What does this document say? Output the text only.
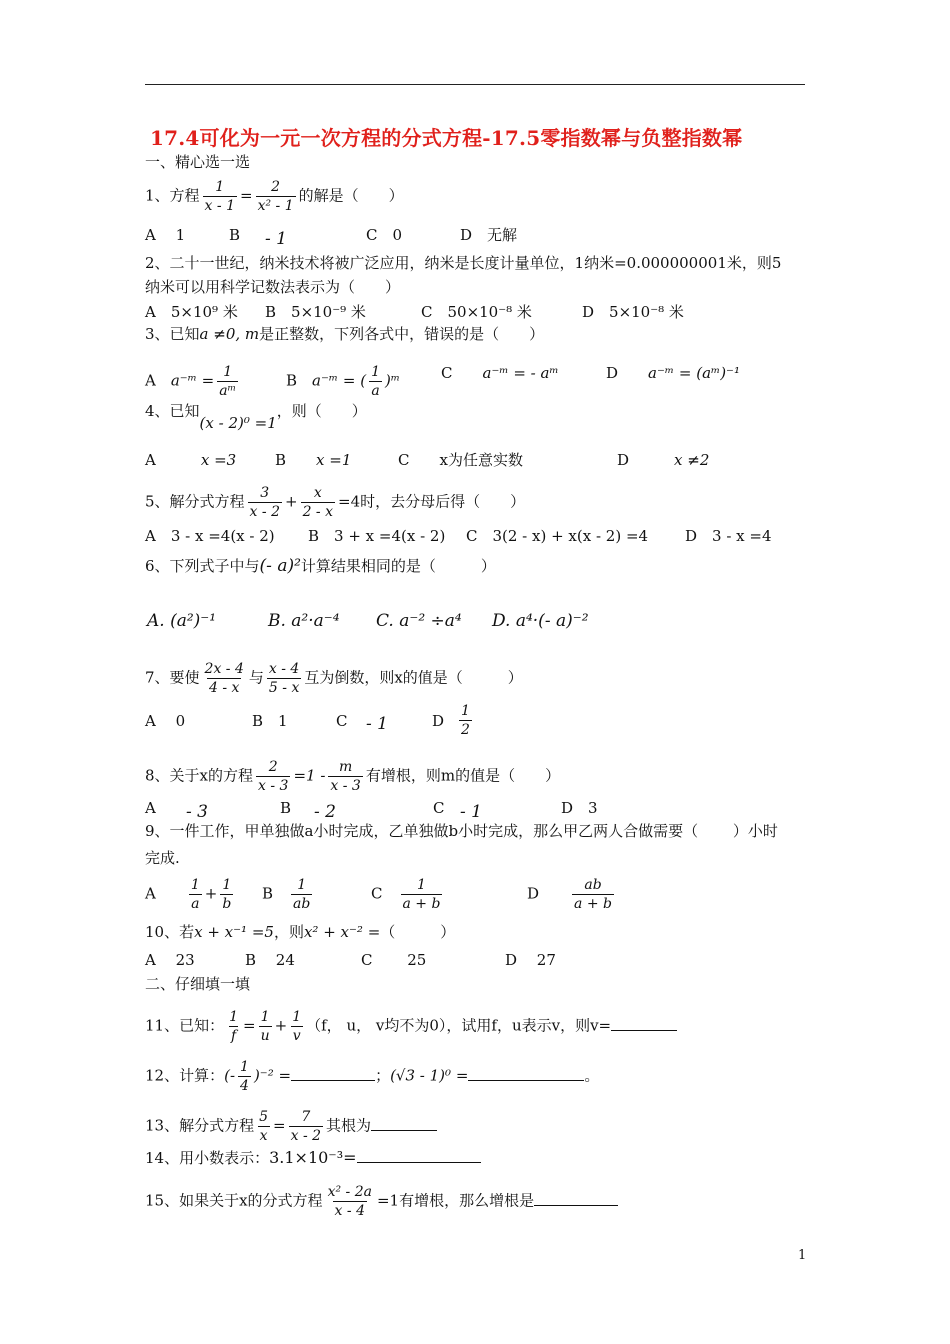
17.4可化为一元一次方程的分式方程-17.5零指数幂与负整指数幂
一、精心选一选
1、方程 $\frac{1}{x - 1} = \frac{2}{\text{x² - 1}}$ 的解是（　　）
A　 1	B - 1	C　0	D　无解
2、二十一世纪，纳米技术将被广泛应用，纳米是长度计量单位，1纳米=0.000000001米，则5
纳米可以用科学记数法表示为（　　）
A　5×10⁹ 米 B　5×10⁻⁹ 米	C　50×10⁻⁸ 米	D　5×10⁻⁸ 米
3、已知a ≠0, m是正整数，下列各式中，错误的是（　　）
A　 a⁻ᵐ = $\frac{1}{\text{aᵐ}}$	B　 a⁻ᵐ = ( $\frac{1}{a}$ )ᵐ	C　　 a⁻ᵐ = - aᵐ	D　　 a⁻ᵐ = (aᵐ)⁻¹
4、已知(x - 2)⁰ =1，则（　　）
A　　　	x =3	B　　 x =1	C　　 x为任意实数	D　　　	x ≠2
5、解分式方程 $\frac{3}{x - 2} + \frac{x}{2 - x} =4$时，去分母后得（　　）
A　3 - x =4(x - 2) B　3 + x =4(x - 2) C　3(2 - x) + x(x - 2) =4 D　3 - x =4
6、下列式子中与(- a)²计算结果相同的是（　　　）
A. (a²)⁻¹	B. a²·a⁻⁴ C. a⁻² ÷a⁴ D. a⁴·(- a)⁻²
7、要使 $\frac{2x - 4}{4 - x}$ 与 $\frac{x - 4}{5 - x}$ 互为倒数，则x的值是（　　　）
A　 0	B　1	C - 1	D $\frac{1}{2}$
8、关于x的方程 $\frac{2}{x - 3} =1 - \frac{m}{x - 3}$ 有增根，则m的值是（　　）
A - 3	B - 2	C - 1	D　3
9、一件工作，甲单独做a小时完成，乙单独做b小时完成，那么甲乙两人合做需要（　　 ）小时
完成.
A　　 $\frac{1}{a} + \frac{1}{b}$ B　 $\frac{1}{ab}$	C　 $\frac{1}{a + b}$	D　　 $\frac{ab}{a + b}$
10、若x + x⁻¹ =5，则x² + x⁻² =（　　　）
A　 23	B　 24	C　　 25	D　 27
二、仔细填一填
11、已知： $\frac{1}{f} = \frac{1}{u} + \frac{1}{v} (f$， u， v均不为0），试用f，u表示v，则v=
12、计算：(- $\frac{1}{4} )^{-2}$ =	；(√3 - 1)⁰ =	。
13、解分式方程 $\frac{5}{x} = \frac{7}{x - 2}$ 其根为
14、用小数表示：3.1×10⁻³=
15、如果关于x的分式方程 $\frac{\text{x² - 2a}}{x - 4} =1$有增根，那么增根是
1
